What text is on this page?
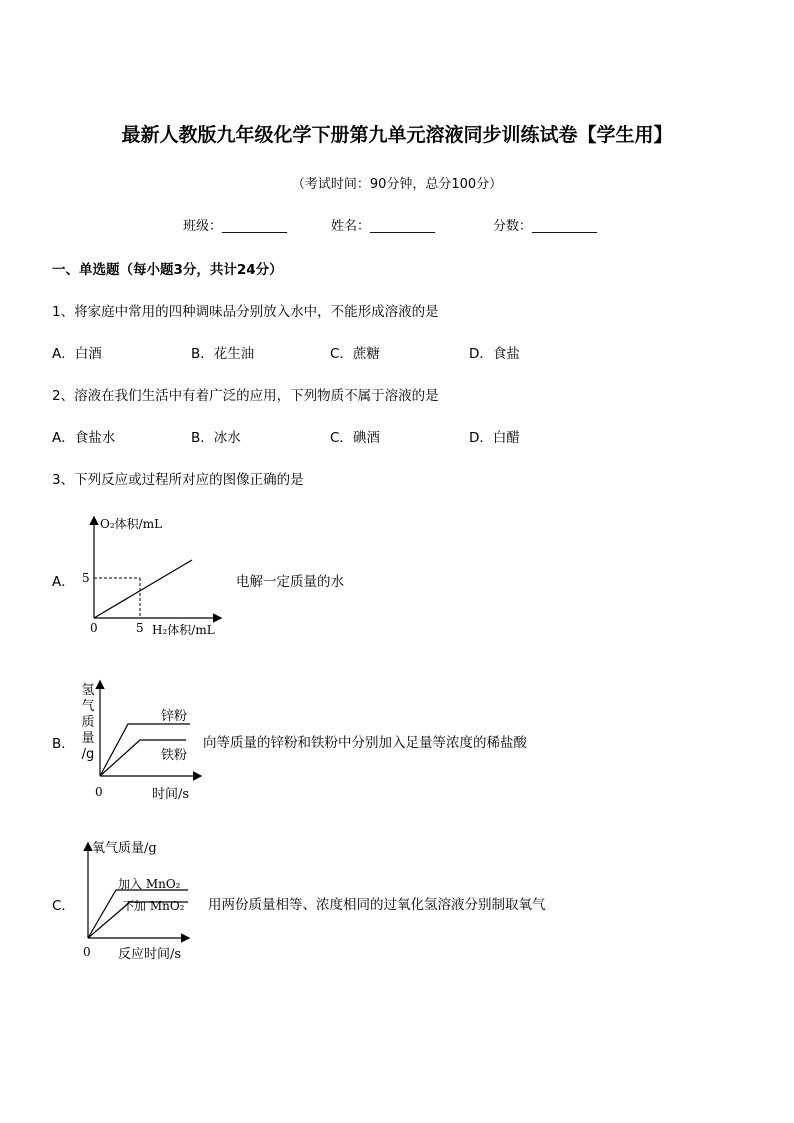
最新人教版九年级化学下册第九单元溶液同步训练试卷【学生用】
（考试时间：90分钟，总分100分）
班级：__________	姓名：__________	分数：__________
一、单选题（每小题3分，共计24分）
1、将家庭中常用的四种调味品分别放入水中，不能形成溶液的是
A．白酒	B．花生油	C．蔗糖	D．食盐
2、溶液在我们生活中有着广泛的应用，下列物质不属于溶液的是
A．食盐水	B．冰水	C．碘酒	D．白醋
3、下列反应或过程所对应的图像正确的是
A．
O₂体积/mL
5
0	5 H₂体积/mL
电解一定质量的水
B．
锌粉
铁粉
0	时间/s
氢
气
质
量
/g
向等质量的锌粉和铁粉中分别加入足量等浓度的稀盐酸
C．
氧气质量/g
加入 MnO₂
不加 MnO₂
0 反应时间/s
用两份质量相等、浓度相同的过氧化氢溶液分别制取氧气
